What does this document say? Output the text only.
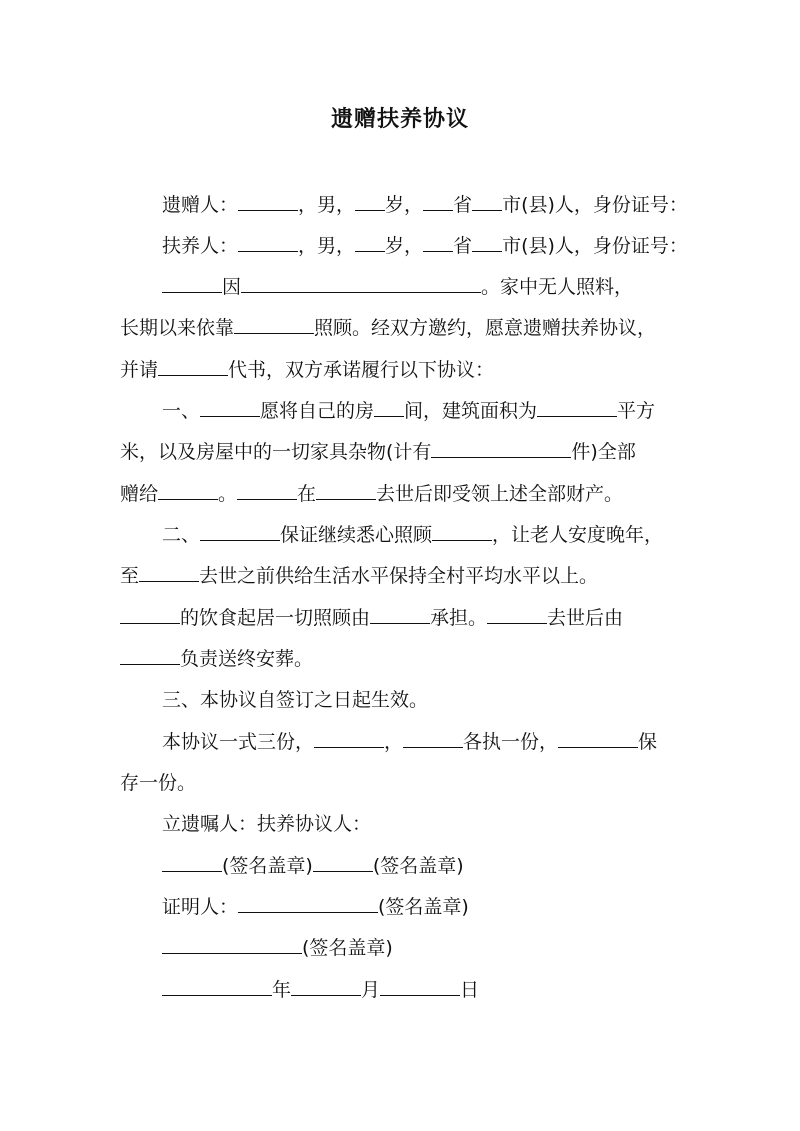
遗赠扶养协议
遗赠人：	，男， 岁， 省 市(县)人，身份证号：
扶养人：	，男， 岁， 省 市(县)人，身份证号：
因	。家中无人照料，
长期以来依靠	照顾。经双方邀约，愿意遗赠扶养协议，
并请	代书，双方承诺履行以下协议：
一、	愿将自己的房 间，建筑面积为	平方
米，以及房屋中的一切家具杂物(计有	件)全部
赠给	。	在	去世后即受领上述全部财产。
二、	保证继续悉心照顾	，让老人安度晚年，
至	去世之前供给生活水平保持全村平均水平以上。
的饮食起居一切照顾由	承担。	去世后由
负责送终安葬。
三、本协议自签订之日起生效。
本协议一式三份，	，	各执一份，	保
存一份。
立遗嘱人：扶养协议人：
(签名盖章)	(签名盖章)
证明人：	(签名盖章)
(签名盖章)
年	月	日
